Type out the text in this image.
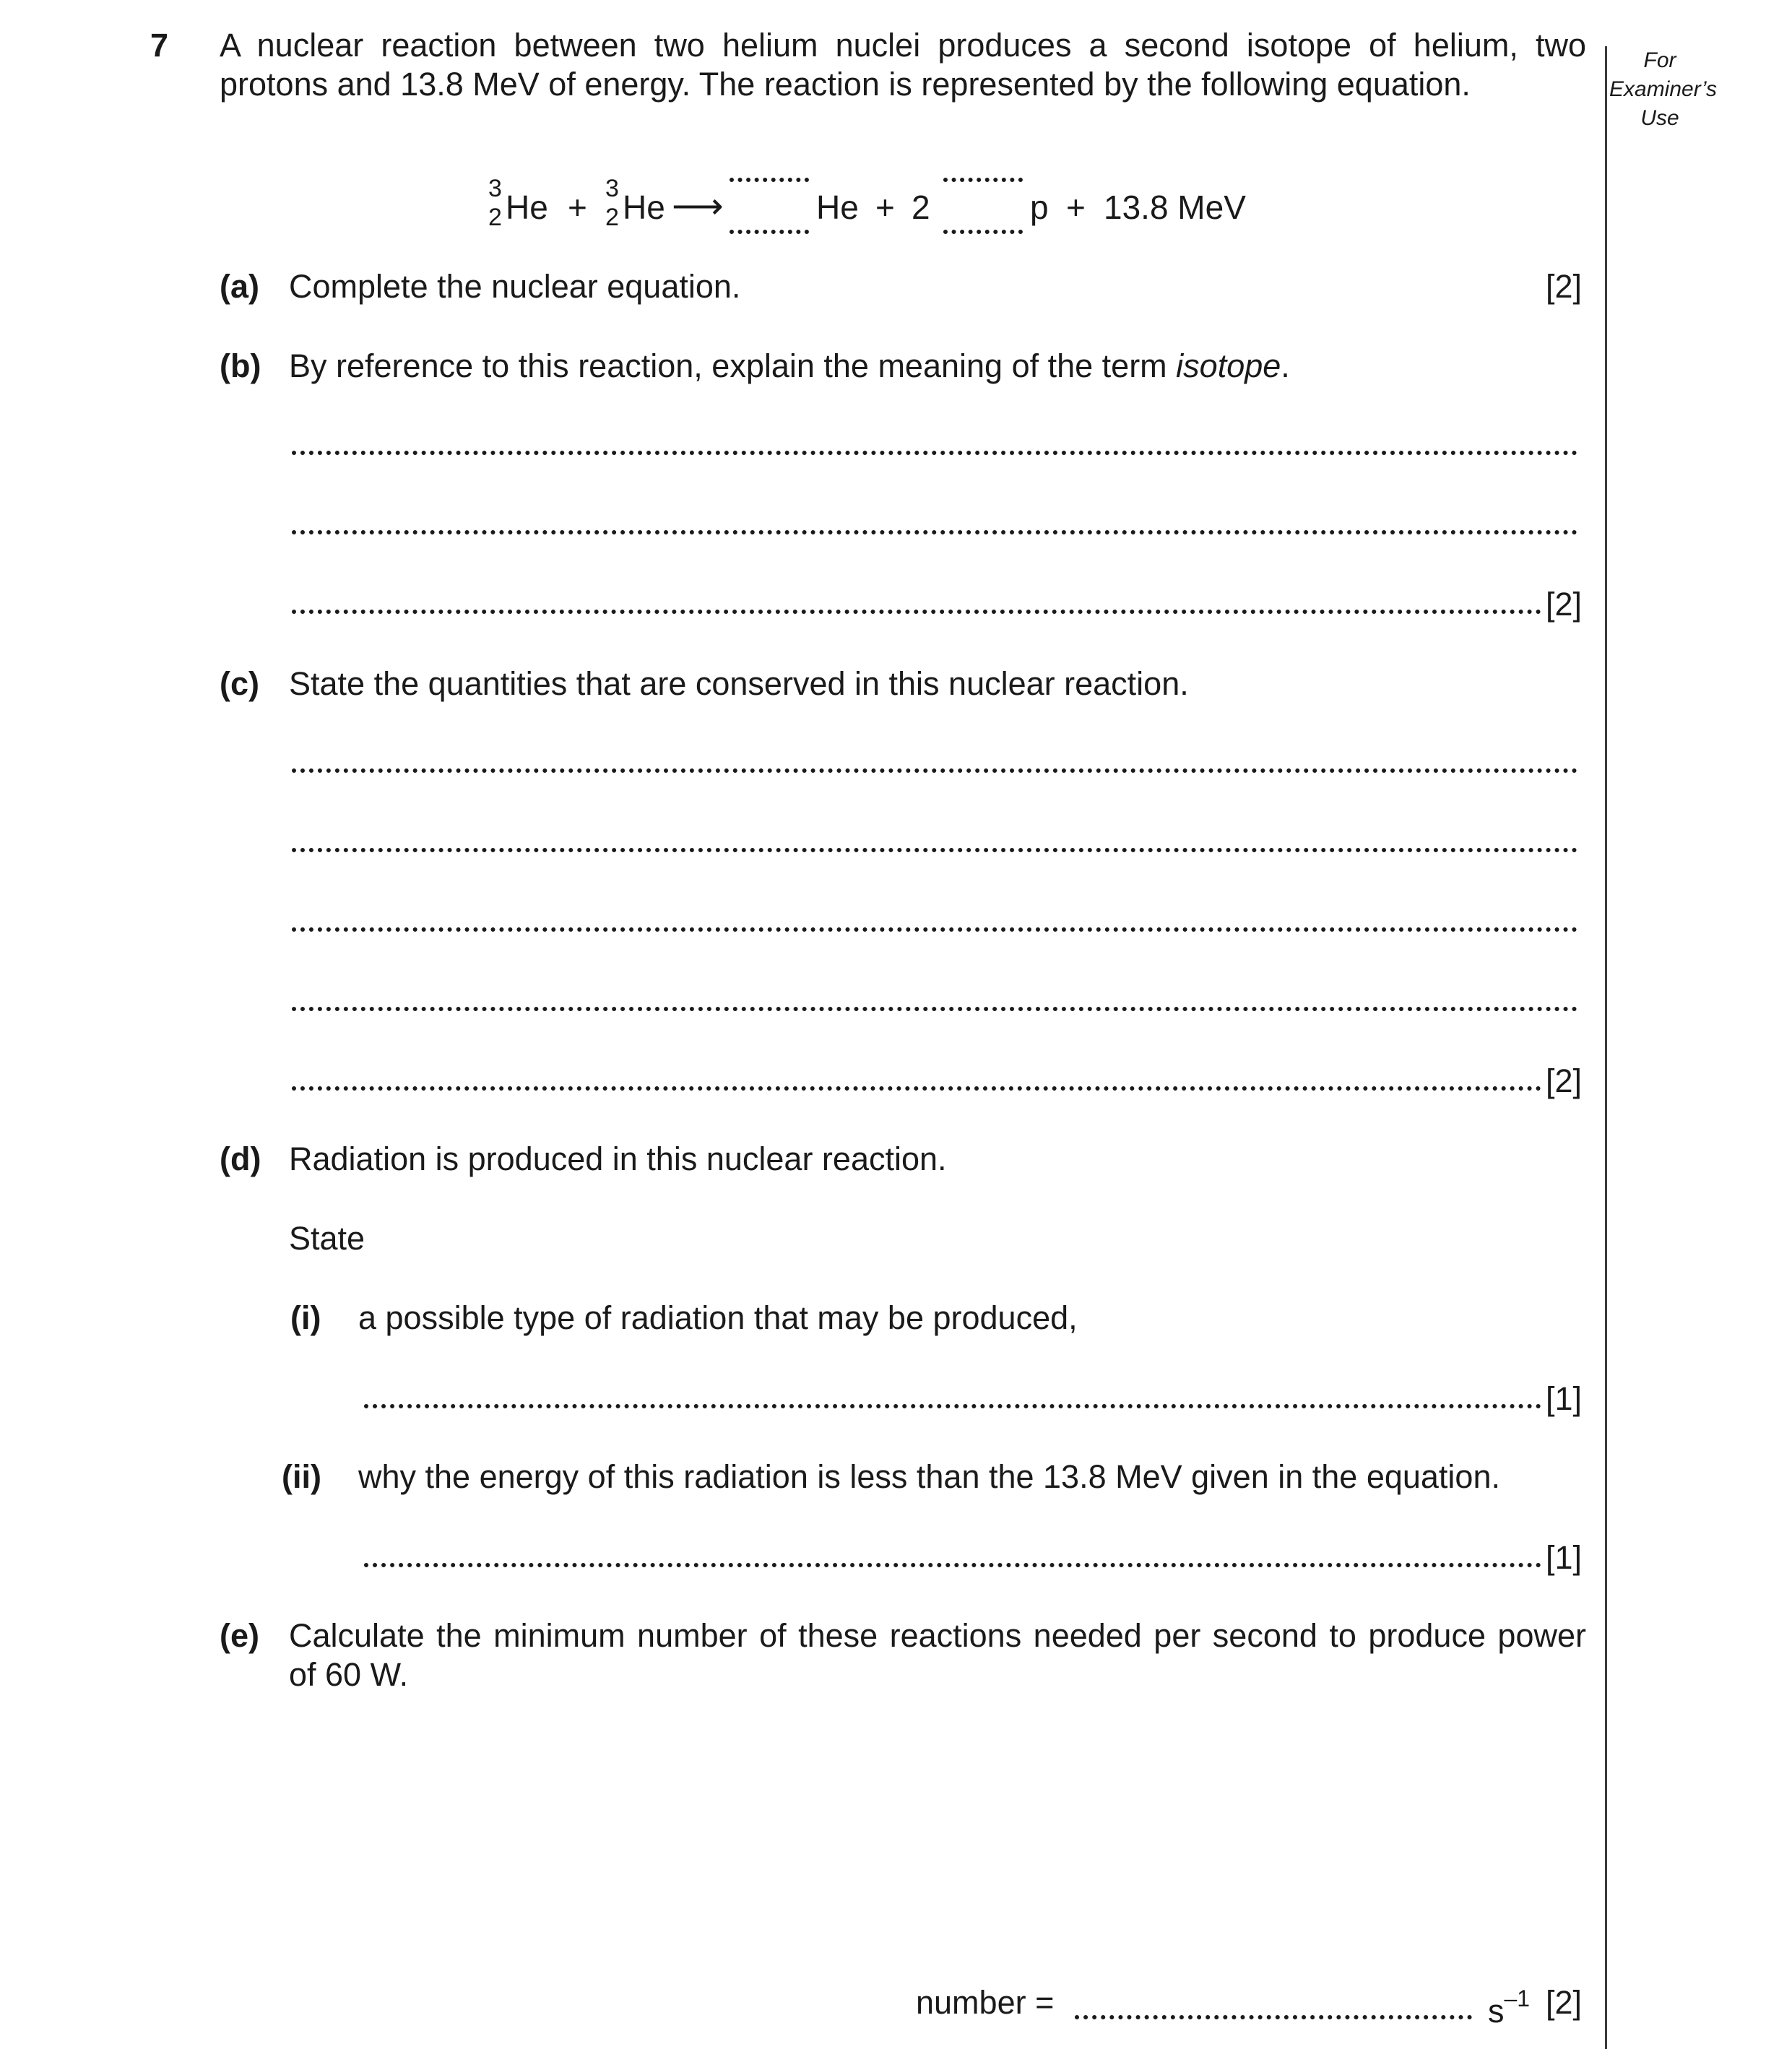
For
Examiner’s
Use
7 A nuclear reaction between two helium nuclei produces a second isotope of helium, two
protons and 13.8 MeV of energy. The reaction is represented by the following equation.
3
2 He + 3
2 He ⟶	He + 2	p + 13.8 MeV
(a) Complete the nuclear equation.	[2]
(b) By reference to this reaction, explain the meaning of the term isotope.
[2]
(c) State the quantities that are conserved in this nuclear reaction.
[2]
(d) Radiation is produced in this nuclear reaction.
State
(i) a possible type of radiation that may be produced,
[1]
(ii) why the energy of this radiation is less than the 13.8 MeV given in the equation.
[1]
(e) Calculate the minimum number of these reactions needed per second to produce power
of 60 W.
number =	$s^{-1}$ [2]
